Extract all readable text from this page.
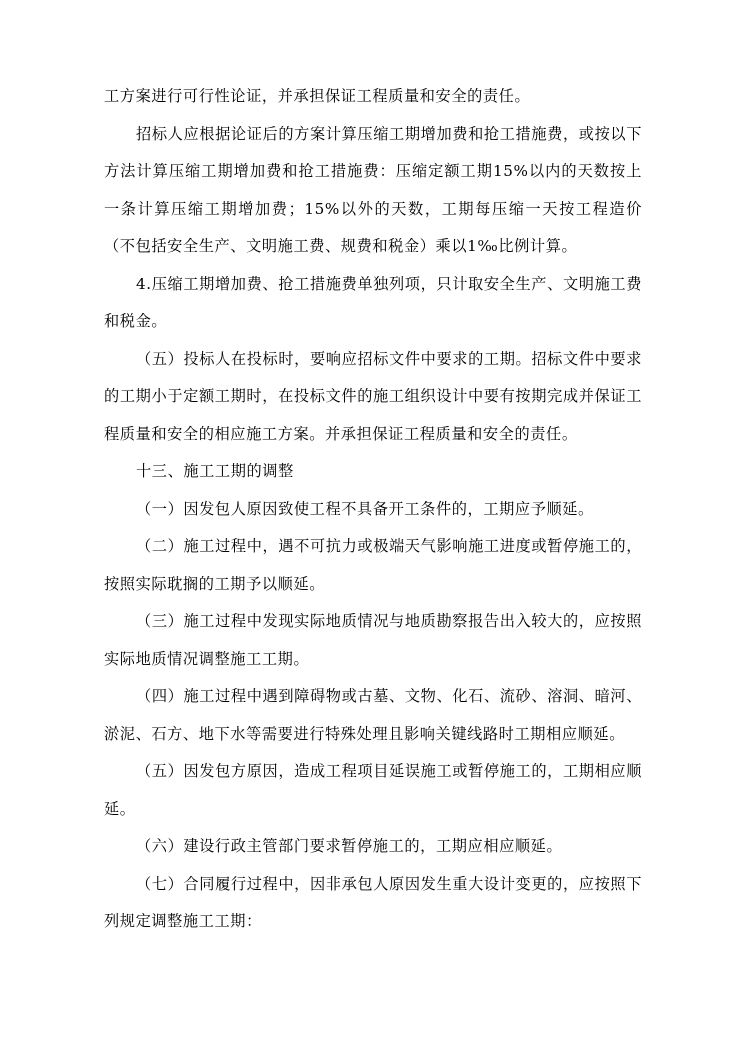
工方案进行可行性论证，并承担保证工程质量和安全的责任。

招标人应根据论证后的方案计算压缩工期增加费和抢工措施费，或按以下方法计算压缩工期增加费和抢工措施费：压缩定额工期15%以内的天数按上一条计算压缩工期增加费；15%以外的天数，工期每压缩一天按工程造价（不包括安全生产、文明施工费、规费和税金）乘以1‰比例计算。

4.压缩工期增加费、抢工措施费单独列项，只计取安全生产、文明施工费和税金。

（五）投标人在投标时，要响应招标文件中要求的工期。招标文件中要求的工期小于定额工期时，在投标文件的施工组织设计中要有按期完成并保证工程质量和安全的相应施工方案。并承担保证工程质量和安全的责任。

十三、施工工期的调整

（一）因发包人原因致使工程不具备开工条件的，工期应予顺延。

（二）施工过程中，遇不可抗力或极端天气影响施工进度或暂停施工的，按照实际耽搁的工期予以顺延。

（三）施工过程中发现实际地质情况与地质勘察报告出入较大的，应按照实际地质情况调整施工工期。

（四）施工过程中遇到障碍物或古墓、文物、化石、流砂、溶洞、暗河、淤泥、石方、地下水等需要进行特殊处理且影响关键线路时工期相应顺延。

（五）因发包方原因，造成工程项目延误施工或暂停施工的，工期相应顺延。

（六）建设行政主管部门要求暂停施工的，工期应相应顺延。

（七）合同履行过程中，因非承包人原因发生重大设计变更的，应按照下列规定调整施工工期：
